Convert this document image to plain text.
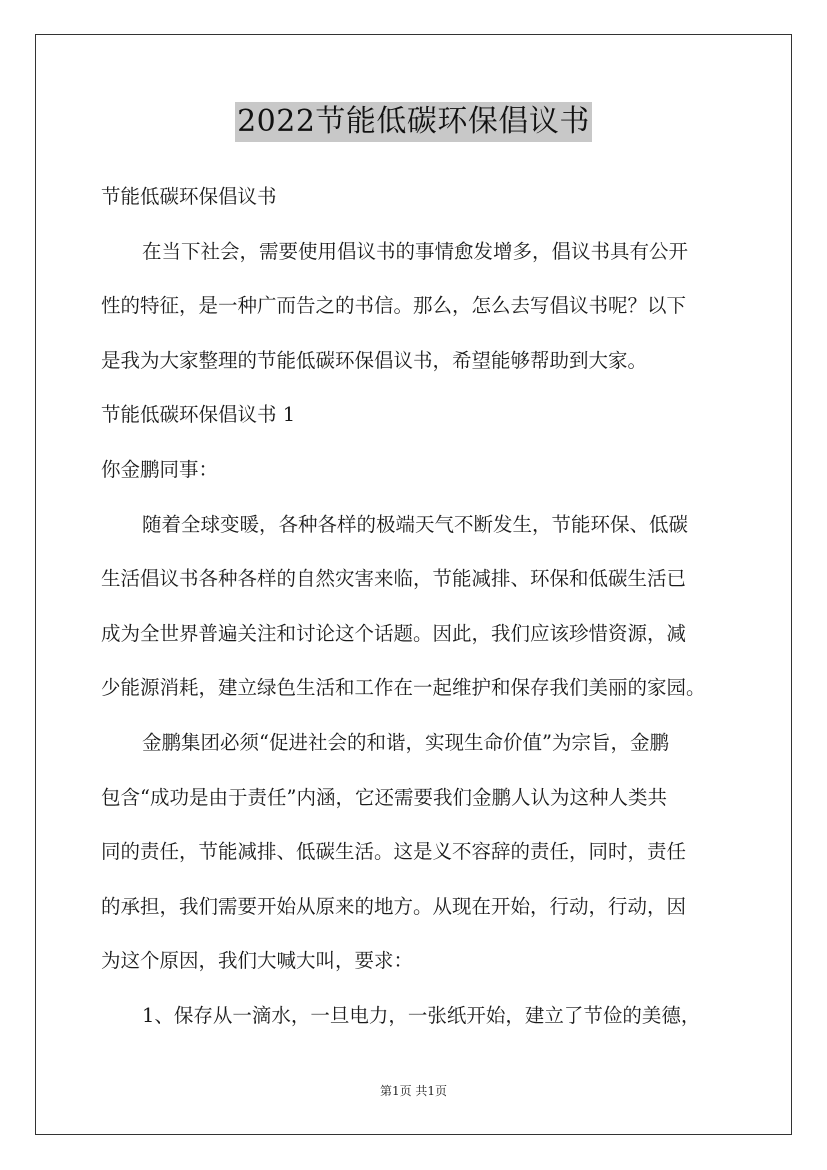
2022节能低碳环保倡议书
节能低碳环保倡议书
在当下社会，需要使用倡议书的事情愈发增多，倡议书具有公开
性的特征，是一种广而告之的书信。那么，怎么去写倡议书呢？以下
是我为大家整理的节能低碳环保倡议书，希望能够帮助到大家。
节能低碳环保倡议书 1
你金鹏同事：
随着全球变暖，各种各样的极端天气不断发生，节能环保、低碳
生活倡议书各种各样的自然灾害来临，节能减排、环保和低碳生活已
成为全世界普遍关注和讨论这个话题。因此，我们应该珍惜资源，减
少能源消耗，建立绿色生活和工作在一起维护和保存我们美丽的家园。
金鹏集团必须“促进社会的和谐，实现生命价值”为宗旨，金鹏
包含“成功是由于责任”内涵，它还需要我们金鹏人认为这种人类共
同的责任，节能减排、低碳生活。这是义不容辞的责任，同时，责任
的承担，我们需要开始从原来的地方。从现在开始，行动，行动，因
为这个原因，我们大喊大叫，要求：
1、保存从一滴水，一旦电力，一张纸开始，建立了节俭的美德，
第1页 共1页
